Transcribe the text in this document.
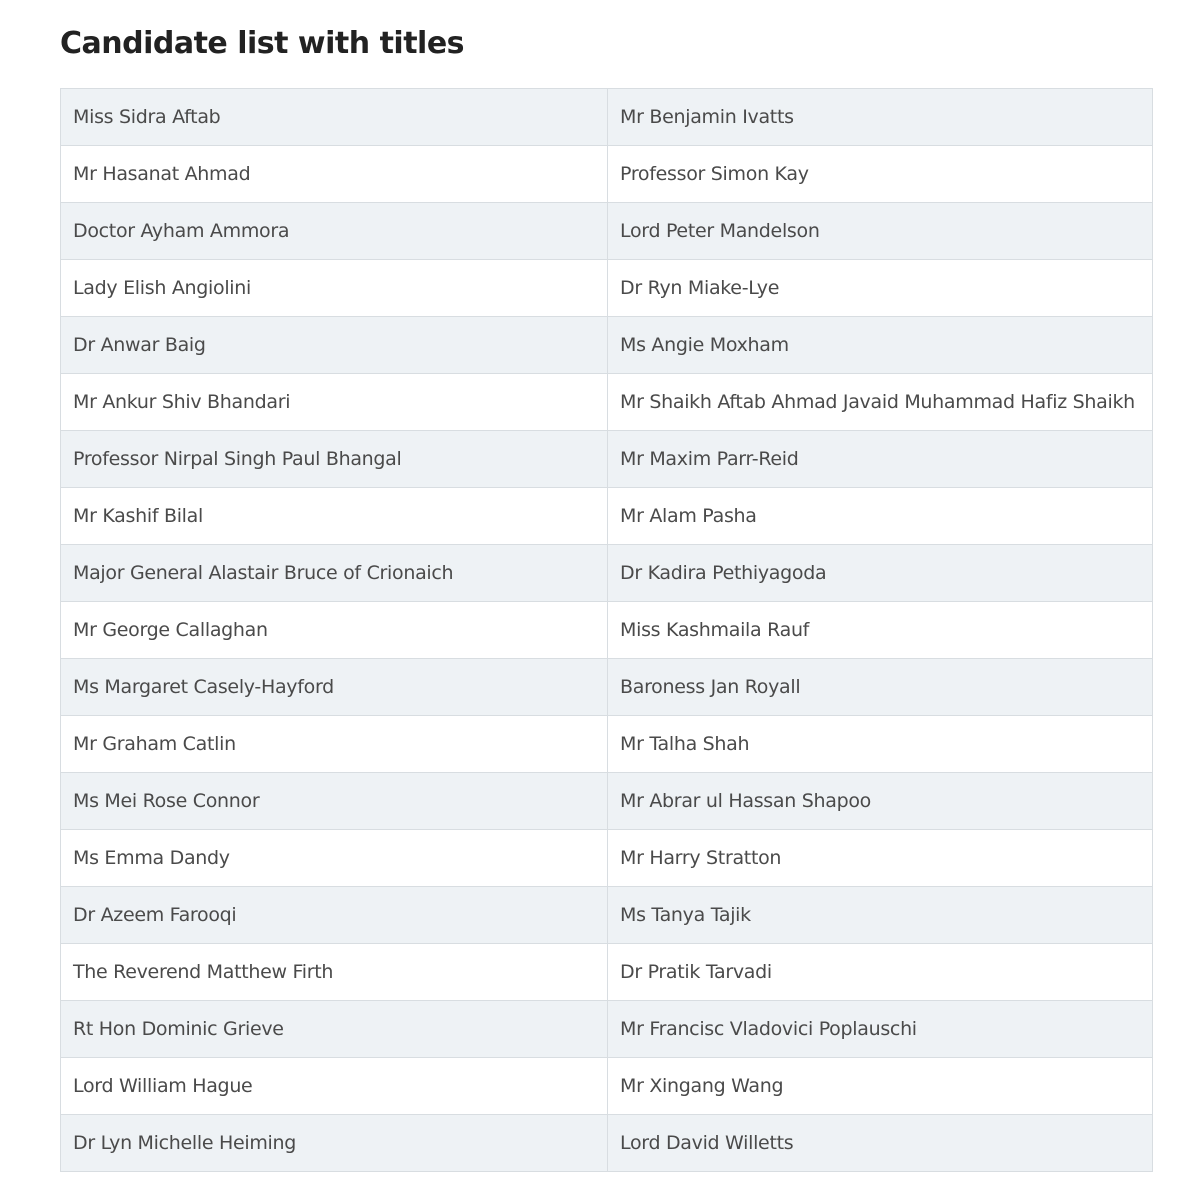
Candidate list with titles
Miss Sidra Aftab	Mr Benjamin Ivatts
Mr Hasanat Ahmad	Professor Simon Kay
Doctor Ayham Ammora	Lord Peter Mandelson
Lady Elish Angiolini	Dr Ryn Miake-Lye
Dr Anwar Baig	Ms Angie Moxham
Mr Ankur Shiv Bhandari	Mr Shaikh Aftab Ahmad Javaid Muhammad Hafiz Shaikh
Professor Nirpal Singh Paul Bhangal	Mr Maxim Parr-Reid
Mr Kashif Bilal	Mr Alam Pasha
Major General Alastair Bruce of Crionaich	Dr Kadira Pethiyagoda
Mr George Callaghan	Miss Kashmaila Rauf
Ms Margaret Casely-Hayford	Baroness Jan Royall
Mr Graham Catlin	Mr Talha Shah
Ms Mei Rose Connor	Mr Abrar ul Hassan Shapoo
Ms Emma Dandy	Mr Harry Stratton
Dr Azeem Farooqi	Ms Tanya Tajik
The Reverend Matthew Firth	Dr Pratik Tarvadi
Rt Hon Dominic Grieve	Mr Francisc Vladovici Poplauschi
Lord William Hague	Mr Xingang Wang
Dr Lyn Michelle Heiming	Lord David Willetts
